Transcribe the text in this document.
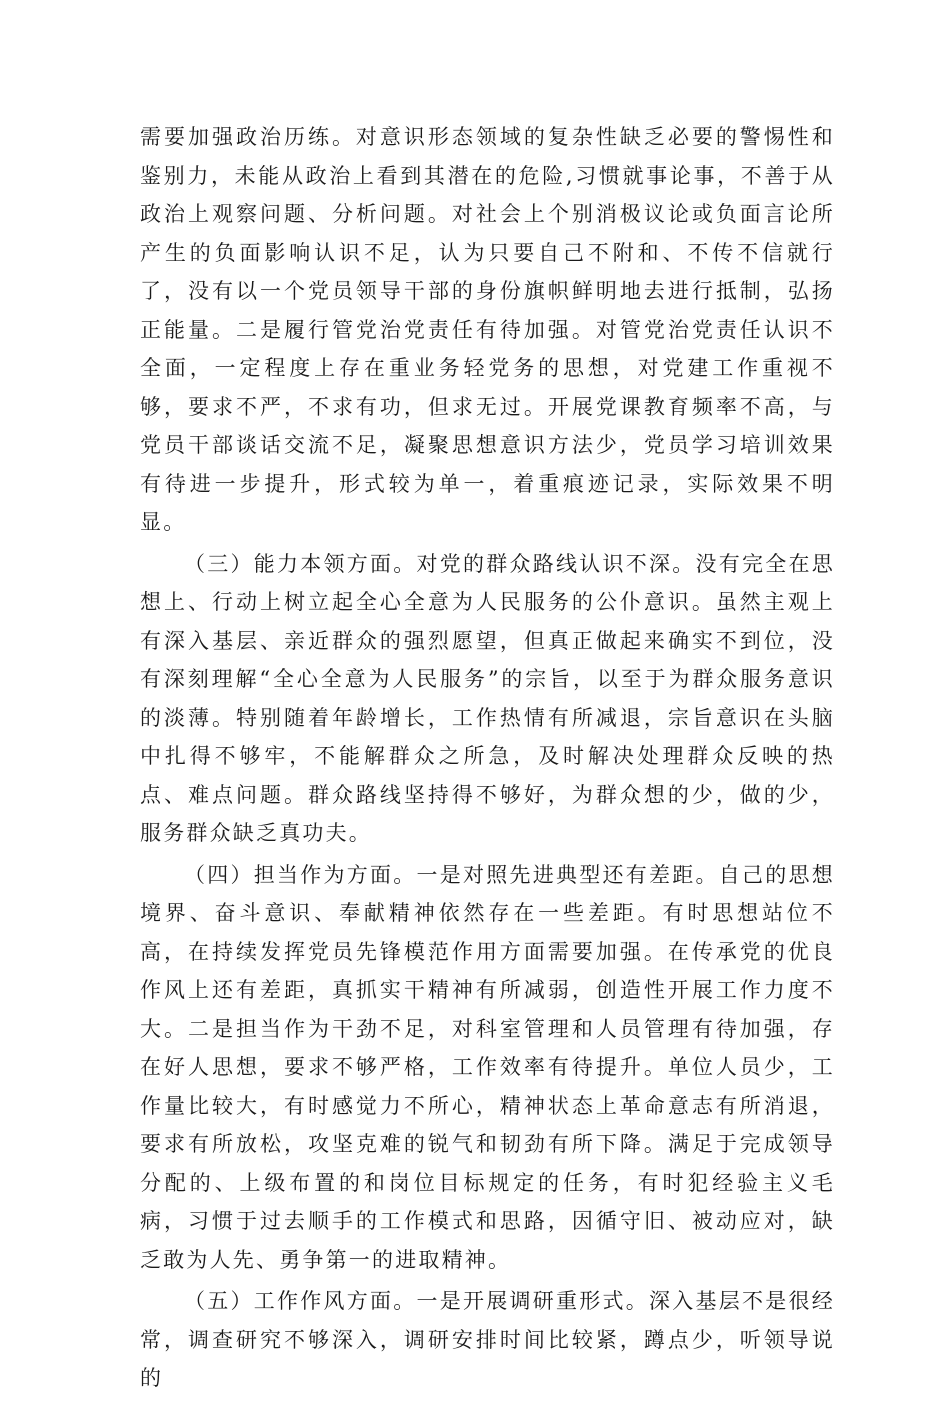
需要加强政治历练。对意识形态领域的复杂性缺乏必要的警惕性和鉴别力，未能从政治上看到其潜在的危险,习惯就事论事，不善于从政治上观察问题、分析问题。对社会上个别消极议论或负面言论所产生的负面影响认识不足，认为只要自己不附和、不传不信就行了，没有以一个党员领导干部的身份旗帜鲜明地去进行抵制，弘扬正能量。二是履行管党治党责任有待加强。对管党治党责任认识不全面，一定程度上存在重业务轻党务的思想，对党建工作重视不够，要求不严，不求有功，但求无过。开展党课教育频率不高，与党员干部谈话交流不足，凝聚思想意识方法少，党员学习培训效果有待进一步提升，形式较为单一，着重痕迹记录，实际效果不明显。

（三）能力本领方面。对党的群众路线认识不深。没有完全在思想上、行动上树立起全心全意为人民服务的公仆意识。虽然主观上有深入基层、亲近群众的强烈愿望，但真正做起来确实不到位，没有深刻理解“全心全意为人民服务”的宗旨，以至于为群众服务意识的淡薄。特别随着年龄增长，工作热情有所减退，宗旨意识在头脑中扎得不够牢，不能解群众之所急，及时解决处理群众反映的热点、难点问题。群众路线坚持得不够好，为群众想的少，做的少，服务群众缺乏真功夫。

（四）担当作为方面。一是对照先进典型还有差距。自己的思想境界、奋斗意识、奉献精神依然存在一些差距。有时思想站位不高，在持续发挥党员先锋模范作用方面需要加强。在传承党的优良作风上还有差距，真抓实干精神有所减弱，创造性开展工作力度不大。二是担当作为干劲不足，对科室管理和人员管理有待加强，存在好人思想，要求不够严格，工作效率有待提升。单位人员少，工作量比较大，有时感觉力不所心，精神状态上革命意志有所消退，要求有所放松，攻坚克难的锐气和韧劲有所下降。满足于完成领导分配的、上级布置的和岗位目标规定的任务，有时犯经验主义毛病，习惯于过去顺手的工作模式和思路，因循守旧、被动应对，缺乏敢为人先、勇争第一的进取精神。

（五）工作作风方面。一是开展调研重形式。深入基层不是很经常，调查研究不够深入，调研安排时间比较紧，蹲点少，听领导说的
